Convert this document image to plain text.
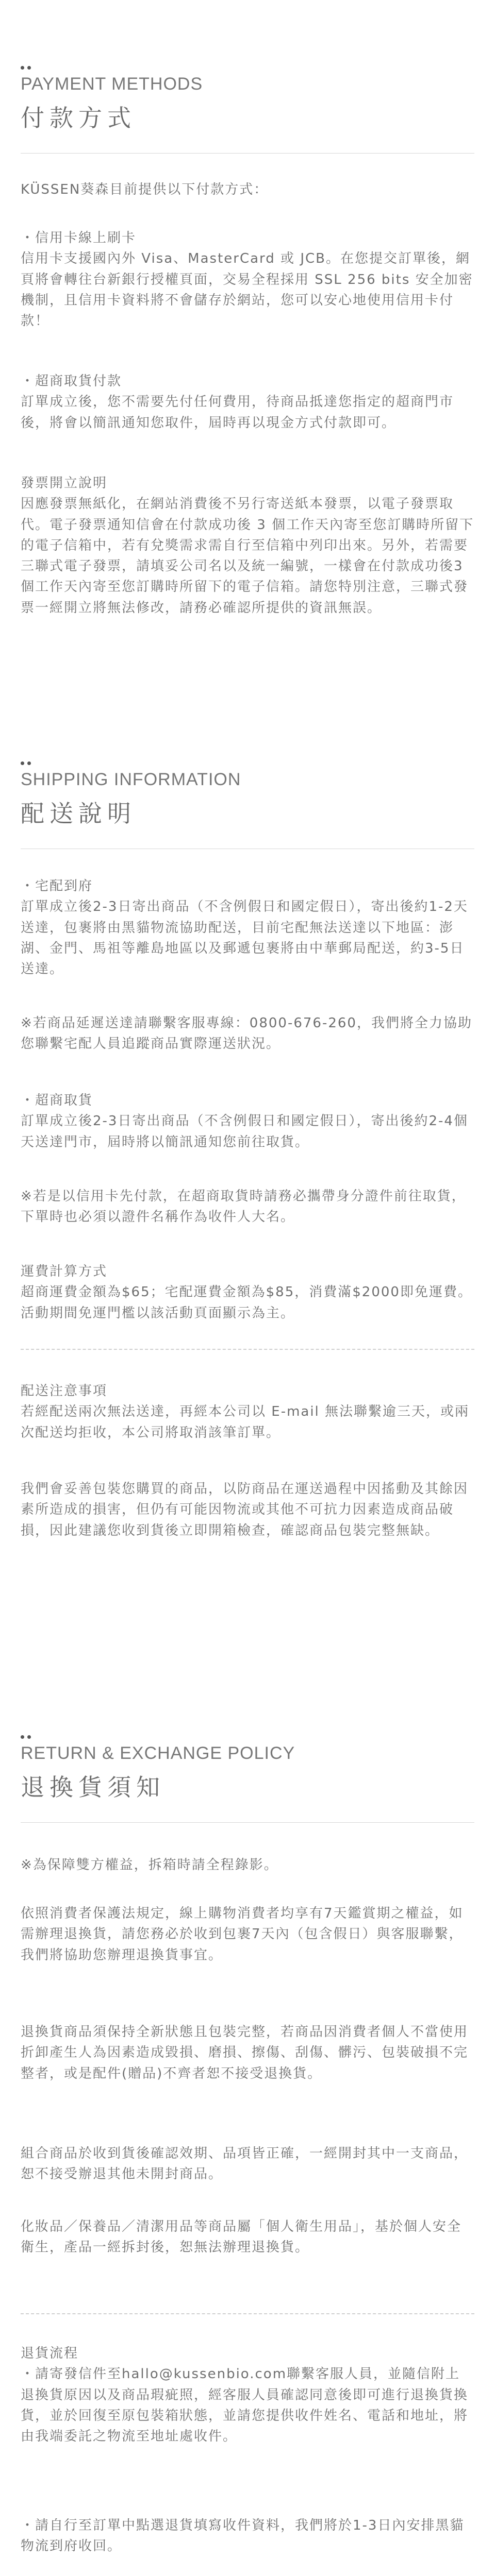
PAYMENT METHODS
付款方式

KÜSSEN葵森目前提供以下付款方式：

・信用卡線上刷卡
信用卡支援國內外 Visa、MasterCard 或 JCB。在您提交訂單後，網頁將會轉往台新銀行授權頁面，交易全程採用 SSL 256 bits 安全加密機制，且信用卡資料將不會儲存於網站，您可以安心地使用信用卡付款！

・超商取貨付款
訂單成立後，您不需要先付任何費用，待商品抵達您指定的超商門市後，將會以簡訊通知您取件，屆時再以現金方式付款即可。

發票開立說明
因應發票無紙化，在網站消費後不另行寄送紙本發票，以電子發票取代。電子發票通知信會在付款成功後 3 個工作天內寄至您訂購時所留下的電子信箱中，若有兌獎需求需自行至信箱中列印出來。另外，若需要三聯式電子發票，請填妥公司名以及統一編號，一樣會在付款成功後3個工作天內寄至您訂購時所留下的電子信箱。請您特別注意，三聯式發票一經開立將無法修改，請務必確認所提供的資訊無誤。

SHIPPING INFORMATION
配送說明

・宅配到府
訂單成立後2-3日寄出商品（不含例假日和國定假日），寄出後約1-2天送達，包裹將由黑貓物流協助配送，目前宅配無法送達以下地區：澎湖、金門、馬祖等離島地區以及郵遞包裹將由中華郵局配送，約3-5日送達。

※若商品延遲送達請聯繫客服專線：0800-676-260，我們將全力協助您聯繫宅配人員追蹤商品實際運送狀況。

・超商取貨
訂單成立後2-3日寄出商品（不含例假日和國定假日），寄出後約2-4個天送達門市，屆時將以簡訊通知您前往取貨。

※若是以信用卡先付款，在超商取貨時請務必攜帶身分證件前往取貨，下單時也必須以證件名稱作為收件人大名。

運費計算方式
超商運費金額為$65；宅配運費金額為$85，消費滿$2000即免運費。
活動期間免運門檻以該活動頁面顯示為主。

配送注意事項
若經配送兩次無法送達，再經本公司以 E-mail 無法聯繫逾三天，或兩次配送均拒收，本公司將取消該筆訂單。

我們會妥善包裝您購買的商品，以防商品在運送過程中因搖動及其餘因素所造成的損害，但仍有可能因物流或其他不可抗力因素造成商品破損，因此建議您收到貨後立即開箱檢查，確認商品包裝完整無缺。

RETURN & EXCHANGE POLICY
退換貨須知

※為保障雙方權益，拆箱時請全程錄影。

依照消費者保護法規定，線上購物消費者均享有7天鑑賞期之權益，如需辦理退換貨，請您務必於收到包裹7天內（包含假日）與客服聯繫，我們將協助您辦理退換貨事宜。

退換貨商品須保持全新狀態且包裝完整，若商品因消費者個人不當使用折卸產生人為因素造成毀損、磨損、擦傷、刮傷、髒污、包裝破損不完整者，或是配件(贈品)不齊者恕不接受退換貨。

組合商品於收到貨後確認效期、品項皆正確，一經開封其中一支商品，恕不接受辦退其他未開封商品。

化妝品／保養品／清潔用品等商品屬「個人衛生用品」，基於個人安全衛生，產品一經拆封後，恕無法辦理退換貨。

退貨流程
・請寄發信件至hallo@kussenbio.com聯繫客服人員，並隨信附上退換貨原因以及商品瑕疵照，經客服人員確認同意後即可進行退換貨換貨，並於回復至原包裝箱狀態，並請您提供收件姓名、電話和地址，將由我端委託之物流至地址處收件。

・請自行至訂單中點選退貨填寫收件資料，我們將於1-3日內安排黑貓物流到府收回。
